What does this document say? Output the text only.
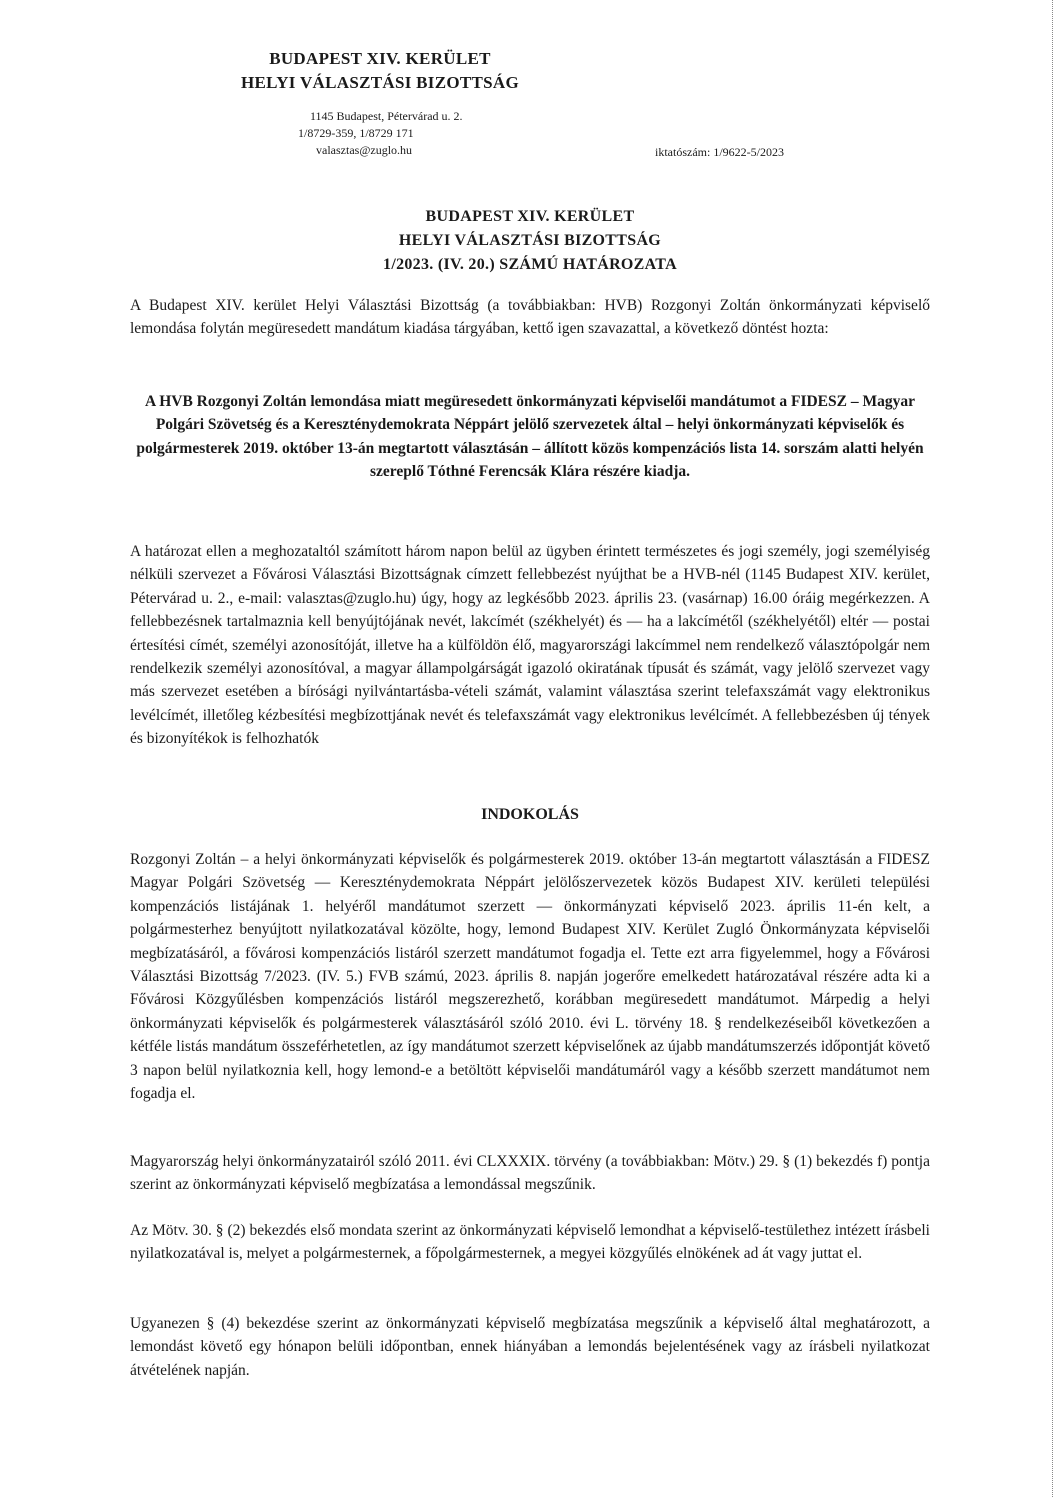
BUDAPEST XIV. KERÜLET
HELYI VÁLASZTÁSI BIZOTTSÁG
1145 Budapest, Pétervárad u. 2.
1/8729-359, 1/8729 171
valasztas@zuglo.hu	iktatószám: 1/9622-5/2023
BUDAPEST XIV. KERÜLET
HELYI VÁLASZTÁSI BIZOTTSÁG
1/2023. (IV. 20.) SZÁMÚ HATÁROZATA
A Budapest XIV. kerület Helyi Választási Bizottság (a továbbiakban: HVB) Rozgonyi Zoltán önkormányzati képviselő lemondása folytán megüresedett mandátum kiadása tárgyában, kettő igen szavazattal, a következő döntést hozta:
A HVB Rozgonyi Zoltán lemondása miatt megüresedett önkormányzati képviselői mandátumot a FIDESZ – Magyar Polgári Szövetség és a Kereszténydemokrata Néppárt jelölő szervezetek által – helyi önkormányzati képviselők és polgármesterek 2019. október 13-án megtartott választásán – állított közös kompenzációs lista 14. sorszám alatti helyén szereplő Tóthné Ferencsák Klára részére kiadja.
A határozat ellen a meghozataltól számított három napon belül az ügyben érintett természetes és jogi személy, jogi személyiség nélküli szervezet a Fővárosi Választási Bizottságnak címzett fellebbezést nyújthat be a HVB-nél (1145 Budapest XIV. kerület, Pétervárad u. 2., e-mail: valasztas@zuglo.hu) úgy, hogy az legkésőbb 2023. április 23. (vasárnap) 16.00 óráig megérkezzen. A fellebbezésnek tartalmaznia kell benyújtójának nevét, lakcímét (székhelyét) és — ha a lakcímétől (székhelyétől) eltér — postai értesítési címét, személyi azonosítóját, illetve ha a külföldön élő, magyarországi lakcímmel nem rendelkező választópolgár nem rendelkezik személyi azonosítóval, a magyar állampolgárságát igazoló okiratának típusát és számát, vagy jelölő szervezet vagy más szervezet esetében a bírósági nyilvántartásba-vételi számát, valamint választása szerint telefaxszámát vagy elektronikus levélcímét, illetőleg kézbesítési megbízottjának nevét és telefaxszámát vagy elektronikus levélcímét. A fellebbezésben új tények és bizonyítékok is felhozhatók
INDOKOLÁS
Rozgonyi Zoltán – a helyi önkormányzati képviselők és polgármesterek 2019. október 13-án megtartott választásán a FIDESZ Magyar Polgári Szövetség — Kereszténydemokrata Néppárt jelölőszervezetek közös Budapest XIV. kerületi települési kompenzációs listájának 1. helyéről mandátumot szerzett — önkormányzati képviselő 2023. április 11-én kelt, a polgármesterhez benyújtott nyilatkozatával közölte, hogy, lemond Budapest XIV. Kerület Zugló Önkormányzata képviselői megbízatásáról, a fővárosi kompenzációs listáról szerzett mandátumot fogadja el. Tette ezt arra figyelemmel, hogy a Fővárosi Választási Bizottság 7/2023. (IV. 5.) FVB számú, 2023. április 8. napján jogerőre emelkedett határozatával részére adta ki a Fővárosi Közgyűlésben kompenzációs listáról megszerezhető, korábban megüresedett mandátumot. Márpedig a helyi önkormányzati képviselők és polgármesterek választásáról szóló 2010. évi L. törvény 18. § rendelkezéseiből következően a kétféle listás mandátum összeférhetetlen, az így mandátumot szerzett képviselőnek az újabb mandátumszerzés időpontját követő 3 napon belül nyilatkoznia kell, hogy lemond-e a betöltött képviselői mandátumáról vagy a később szerzett mandátumot nem fogadja el.
Magyarország helyi önkormányzatairól szóló 2011. évi CLXXXIX. törvény (a továbbiakban: Mötv.) 29. § (1) bekezdés f) pontja szerint az önkormányzati képviselő megbízatása a lemondással megszűnik.
Az Mötv. 30. § (2) bekezdés első mondata szerint az önkormányzati képviselő lemondhat a képviselő-testülethez intézett írásbeli nyilatkozatával is, melyet a polgármesternek, a főpolgármesternek, a megyei közgyűlés elnökének ad át vagy juttat el.
Ugyanezen § (4) bekezdése szerint az önkormányzati képviselő megbízatása megszűnik a képviselő által meghatározott, a lemondást követő egy hónapon belüli időpontban, ennek hiányában a lemondás bejelentésének vagy az írásbeli nyilatkozat átvételének napján.
